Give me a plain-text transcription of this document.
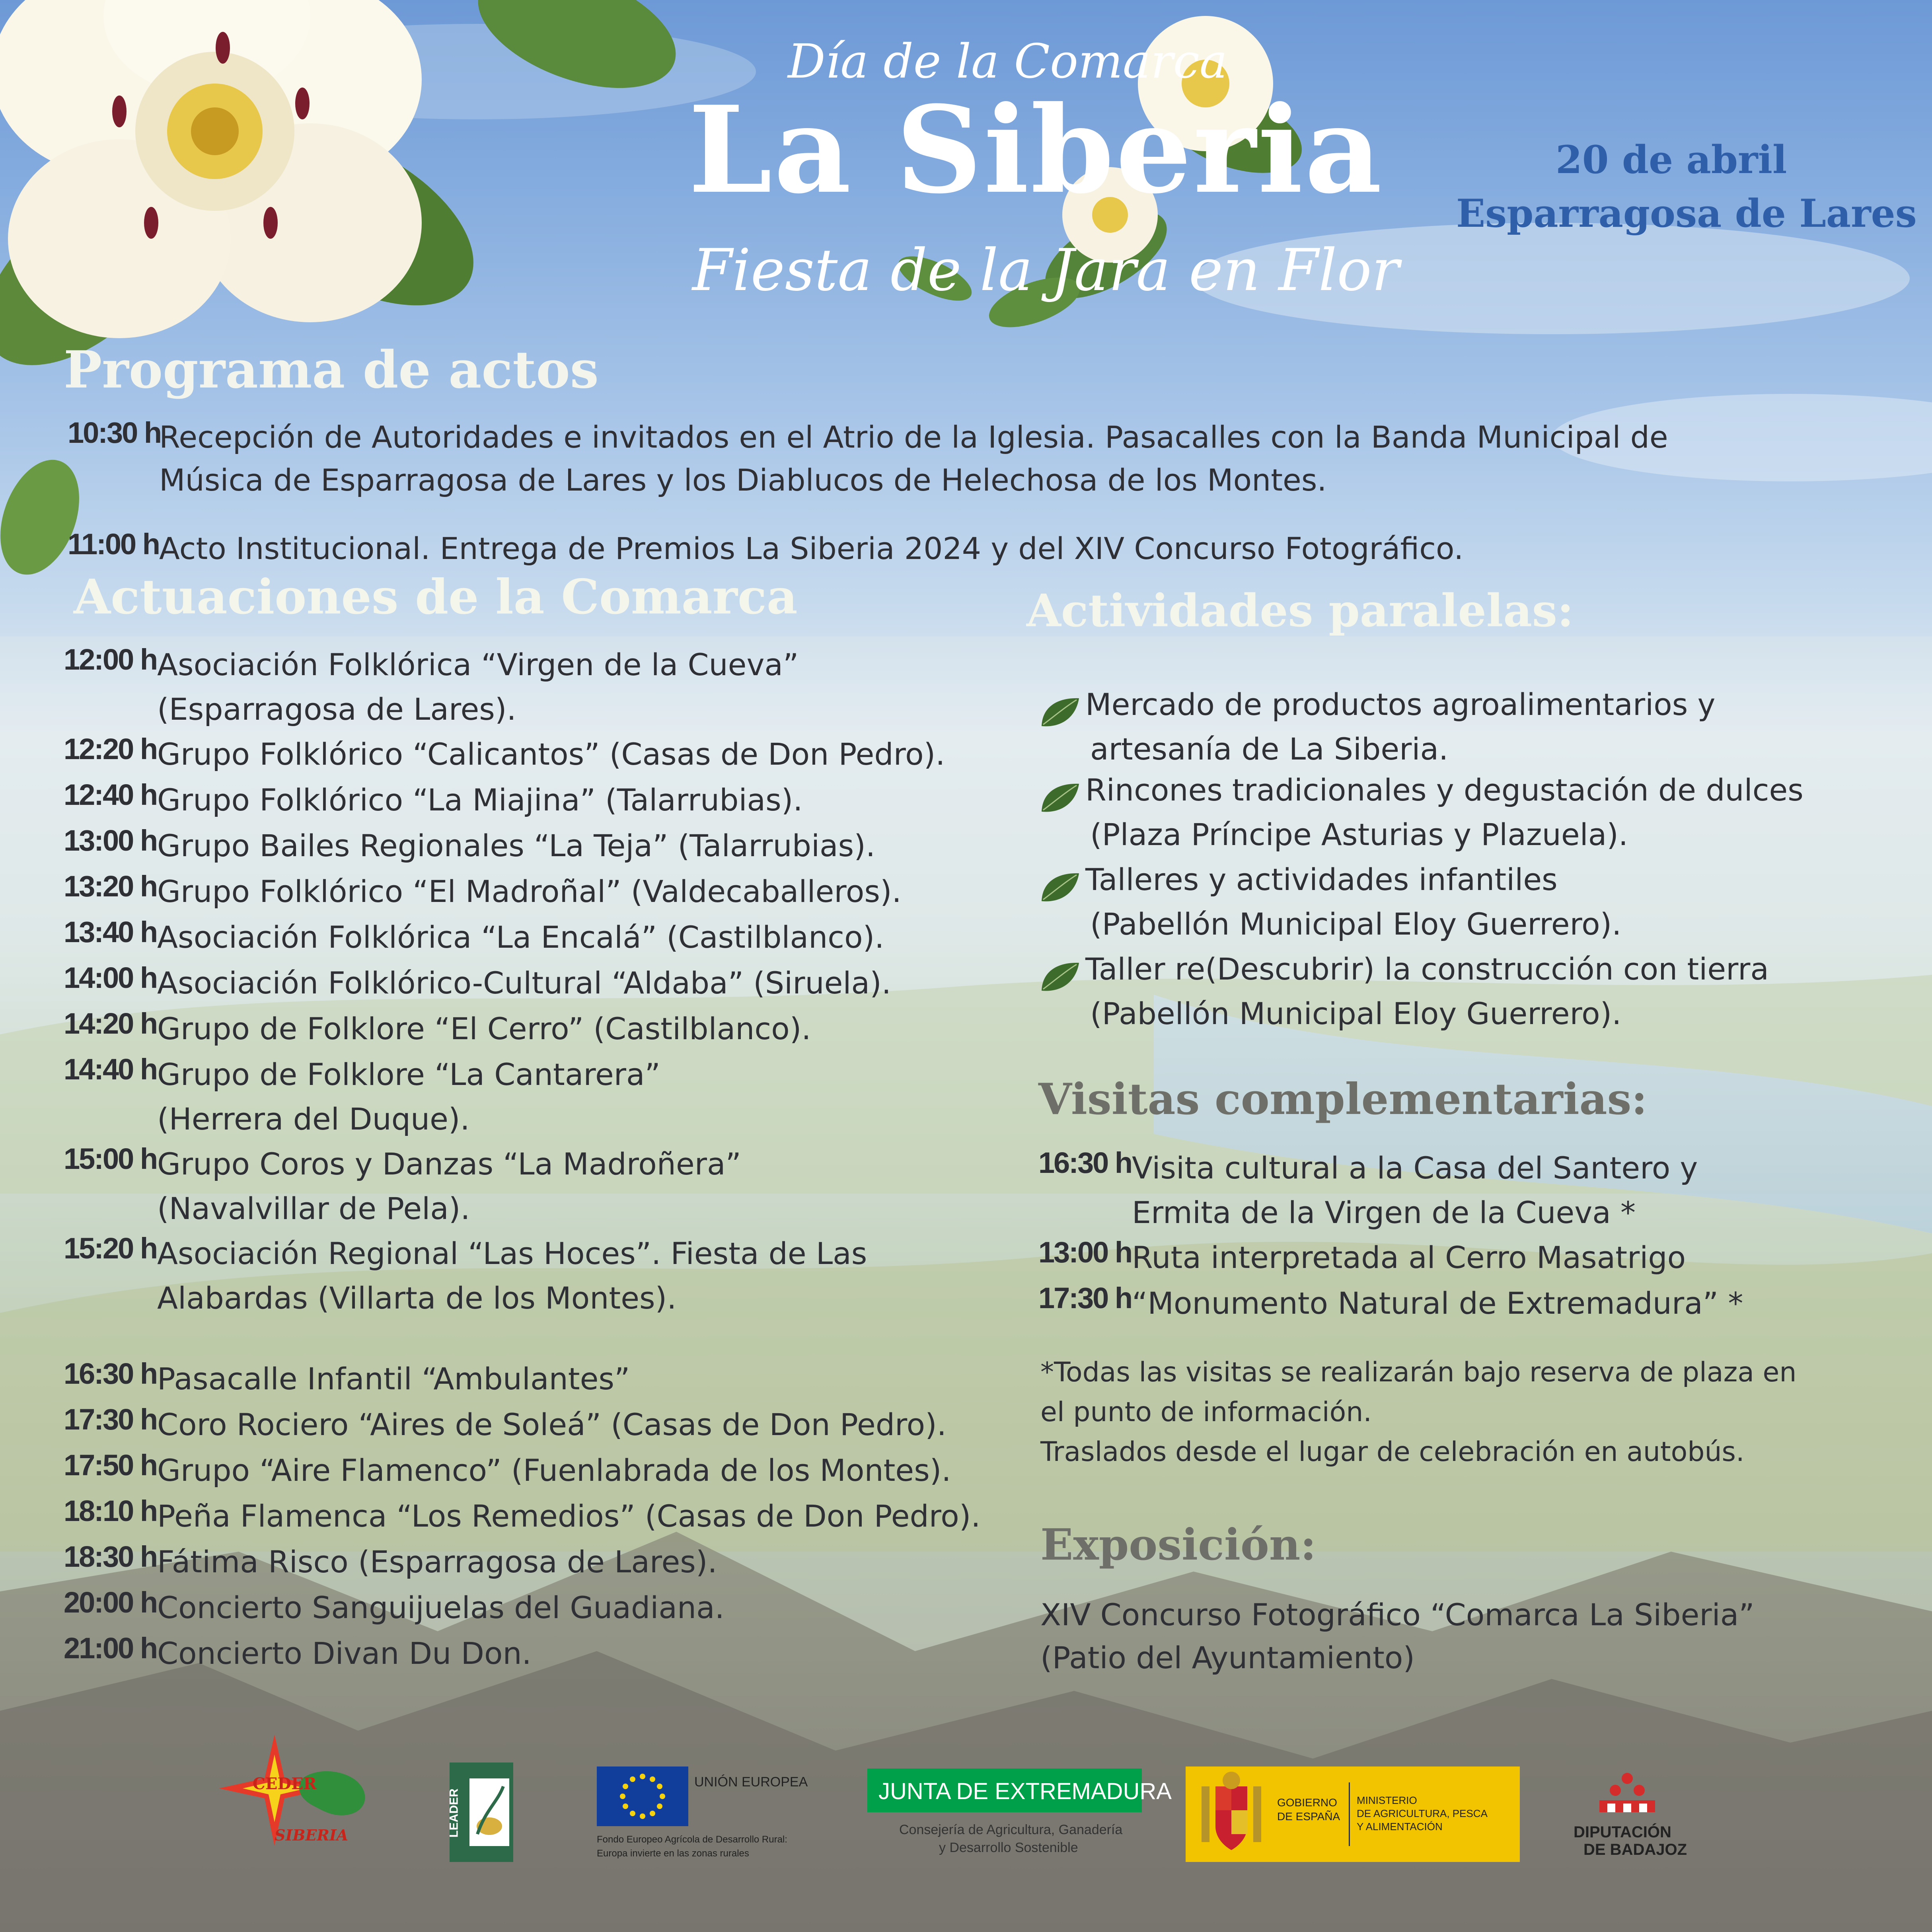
Día de la Comarca
La Siberia
Fiesta de la Jara en Flor
20 de abril
Esparragosa de Lares
Programa de actos
10:30 h
Recepción de Autoridades e invitados en el Atrio de la Iglesia. Pasacalles con la Banda Municipal de
Música de Esparragosa de Lares y los Diablucos de Helechosa de los Montes.
11:00 h Acto Institucional. Entrega de Premios La Siberia 2024 y del XIV Concurso Fotográfico.
Actuaciones de la Comarca
12:00 h Asociación Folklórica “Virgen de la Cueva”
(Esparragosa de Lares).
12:20 h Grupo Folklórico “Calicantos” (Casas de Don Pedro).
12:40 h Grupo Folklórico “La Miajina” (Talarrubias).
13:00 h Grupo Bailes Regionales “La Teja” (Talarrubias).
13:20 h Grupo Folklórico “El Madroñal” (Valdecaballeros).
13:40 h Asociación Folklórica “La Encalá” (Castilblanco).
14:00 h Asociación Folklórico-Cultural “Aldaba” (Siruela).
14:20 h Grupo de Folklore “El Cerro” (Castilblanco).
14:40 h Grupo de Folklore “La Cantarera”
(Herrera del Duque).
15:00 h Grupo Coros y Danzas “La Madroñera”
(Navalvillar de Pela).
15:20 h Asociación Regional “Las Hoces”. Fiesta de Las
Alabardas (Villarta de los Montes).
16:30 h Pasacalle Infantil “Ambulantes”
17:30 h Coro Rociero “Aires de Soleá” (Casas de Don Pedro).
17:50 h Grupo “Aire Flamenco” (Fuenlabrada de los Montes).
18:10 h Peña Flamenca “Los Remedios” (Casas de Don Pedro).
18:30 h Fátima Risco (Esparragosa de Lares).
20:00 h Concierto Sanguijuelas del Guadiana.
21:00 h Concierto Divan Du Don.
Actividades paralelas:
Mercado de productos agroalimentarios y
artesanía de La Siberia.
Rincones tradicionales y degustación de dulces
(Plaza Príncipe Asturias y Plazuela).
Talleres y actividades infantiles
(Pabellón Municipal Eloy Guerrero).
Taller re(Descubrir) la construcción con tierra
(Pabellón Municipal Eloy Guerrero).
Visitas complementarias:
16:30 h Visita cultural a la Casa del Santero y
Ermita de la Virgen de la Cueva *
13:00 h Ruta interpretada al Cerro Masatrigo
17:30 h “Monumento Natural de Extremadura” *
*Todas las visitas se realizarán bajo reserva de plaza en
el punto de información.
Traslados desde el lugar de celebración en autobús.
Exposición:
XIV Concurso Fotográfico “Comarca La Siberia”
(Patio del Ayuntamiento)
CEDER
SIBERIA	LEADER
UNIÓN EUROPEA
Fondo Europeo Agrícola de Desarrollo Rural:
Europa invierte en las zonas rurales
JUNTA DE EXTREMADURA
Consejería de Agricultura, Ganadería
y Desarrollo Sostenible
GOBIERNO
DE ESPAÑA
MINISTERIO
DE AGRICULTURA, PESCA
Y ALIMENTACIÓN	DIPUTACIÓN
DE BADAJOZ
